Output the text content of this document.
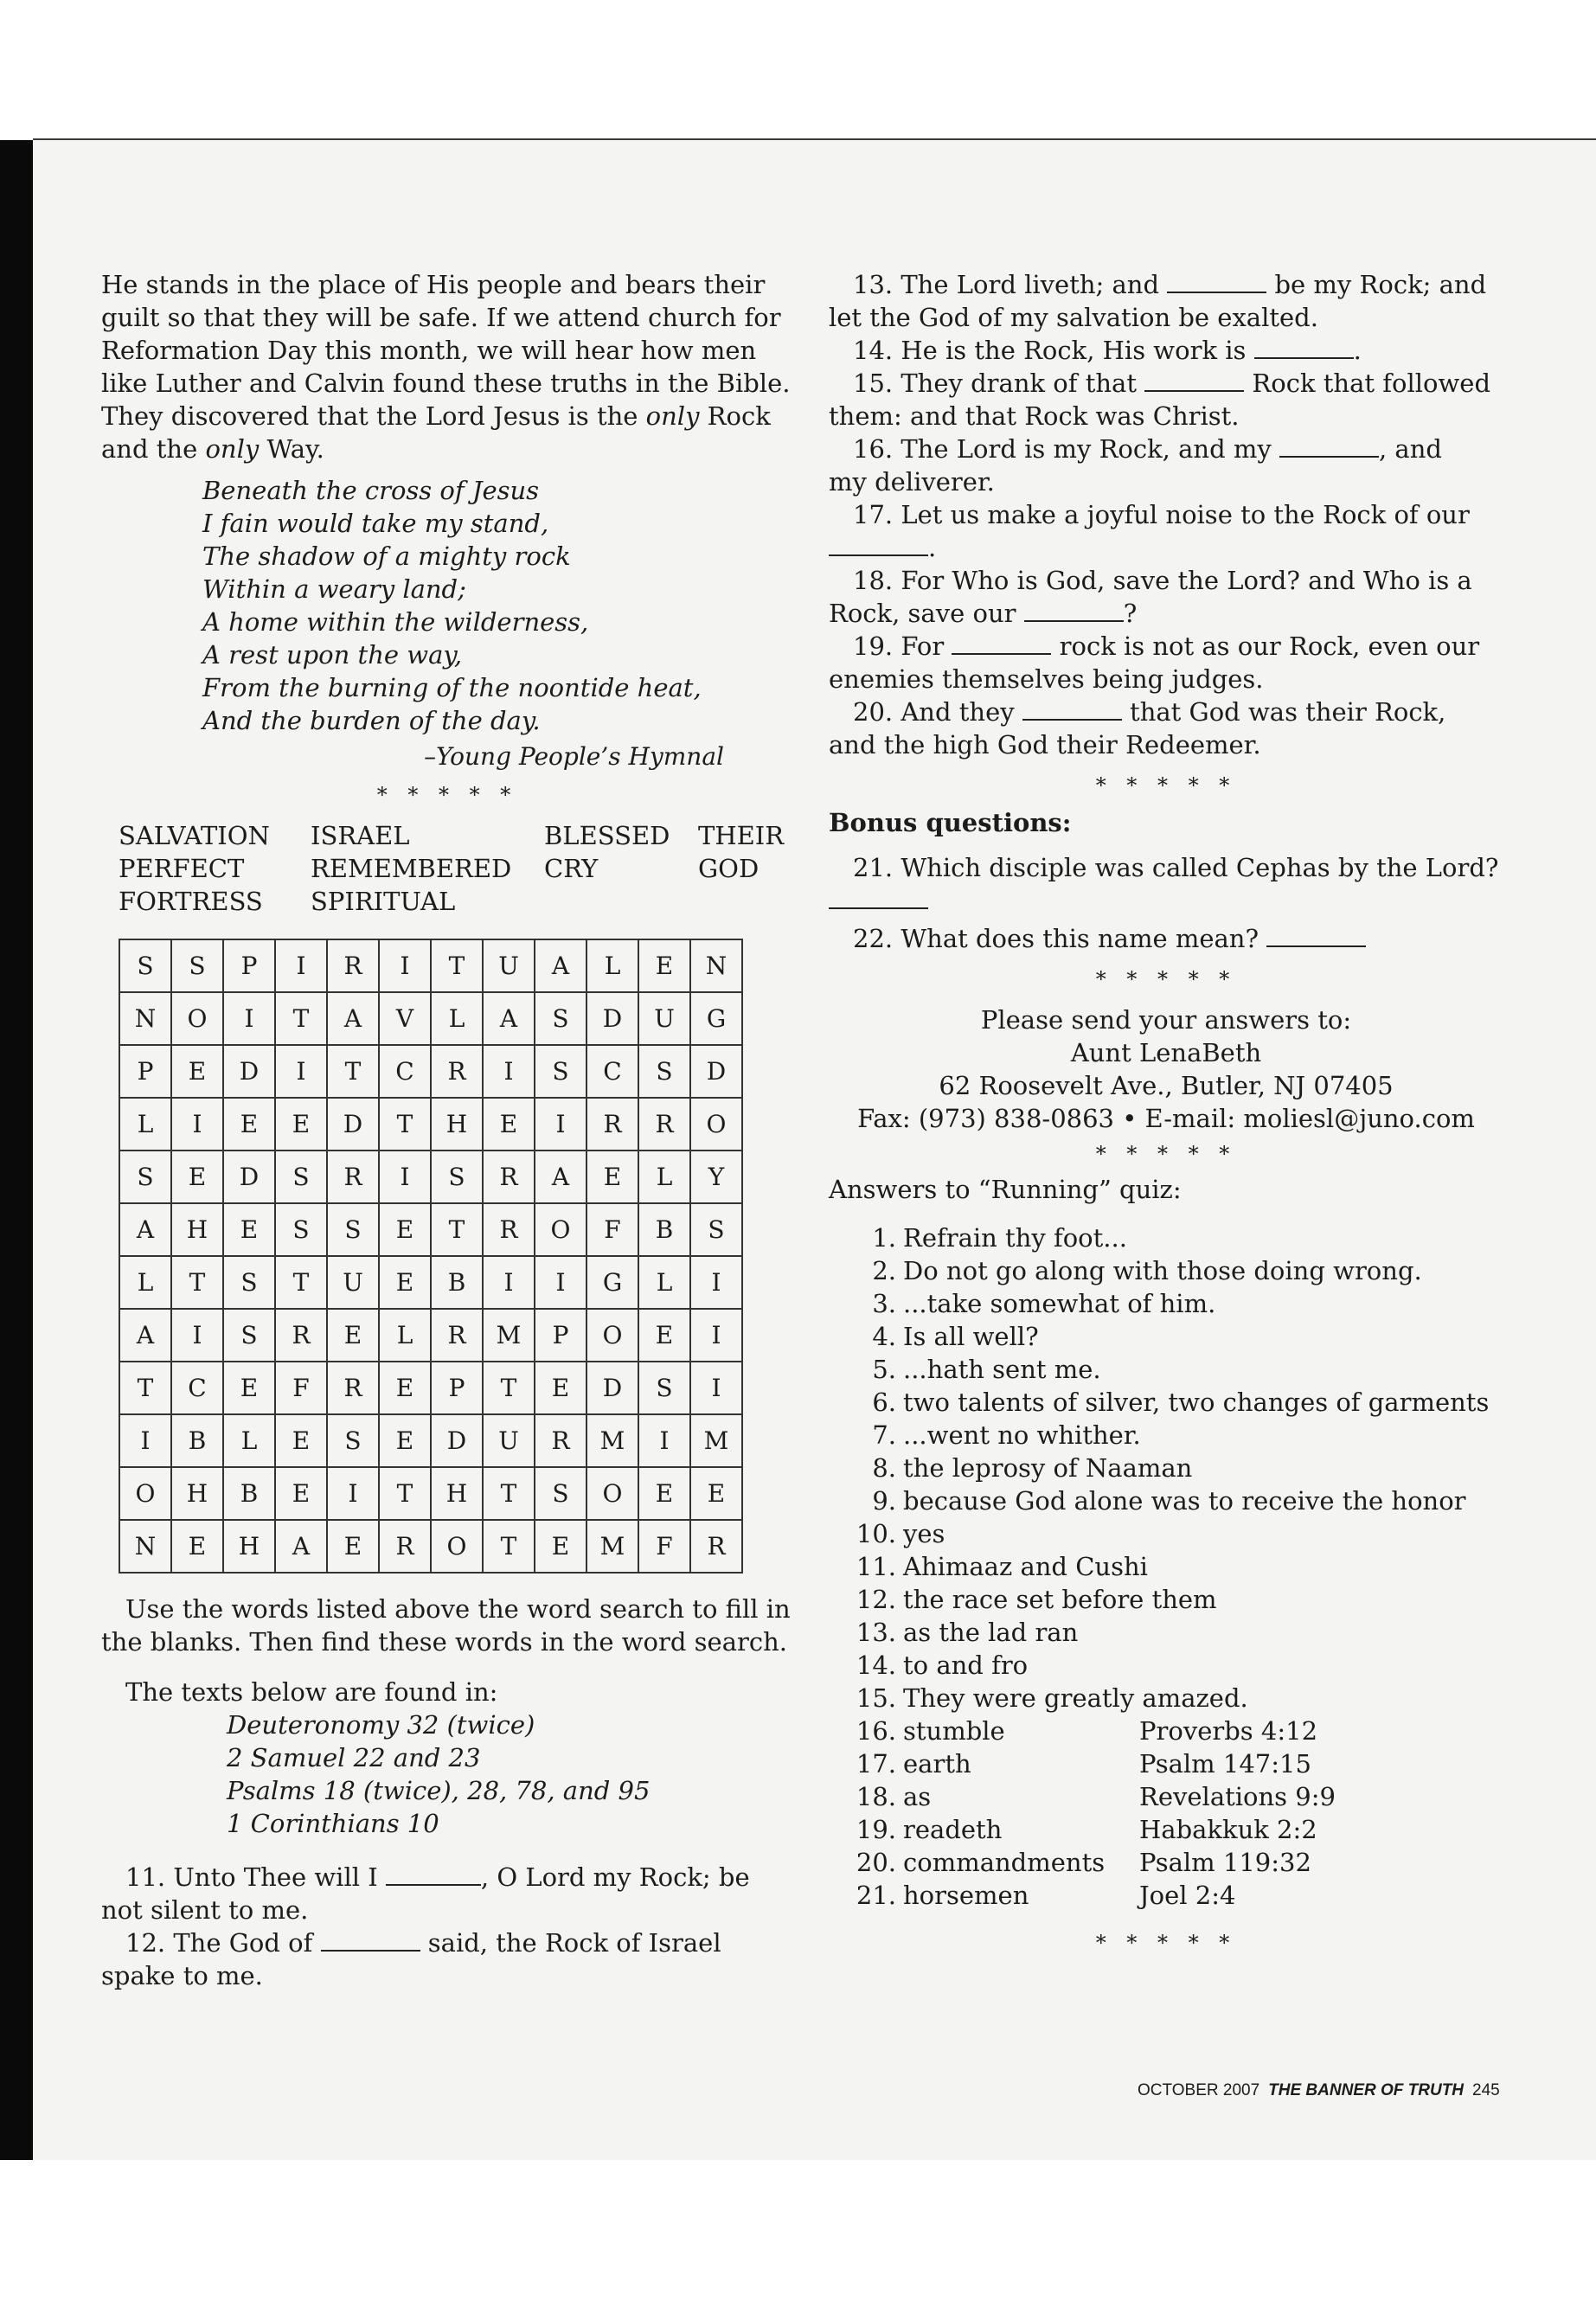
He stands in the place of His people and bears their
guilt so that they will be safe. If we attend church for
Reformation Day this month, we will hear how men
like Luther and Calvin found these truths in the Bible.
They discovered that the Lord Jesus is the only Rock
and the only Way.

Beneath the cross of Jesus
I fain would take my stand,
The shadow of a mighty rock
Within a weary land;
A home within the wilderness,
A rest upon the way,
From the burning of the noontide heat,
And the burden of the day.
–Young People’s Hymnal
* * * * *
SALVATION	ISRAEL	BLESSED	THEIR
PERFECT	REMEMBERED	CRY	GOD
FORTRESS	SPIRITUAL
S	S	P	I	R	I	T	U	A	L	E	N
N	O	I	T	A	V	L	A	S	D	U	G
P	E	D	I	T	C	R	I	S	C	S	D
L	I	E	E	D	T	H	E	I	R	R	O
S	E	D	S	R	I	S	R	A	E	L	Y
A	H	E	S	S	E	T	R	O	F	B	S
L	T	S	T	U	E	B	I	I	G	L	I
A	I	S	R	E	L	R	M	P	O	E	I
T	C	E	F	R	E	P	T	E	D	S	I
I	B	L	E	S	E	D	U	R	M	I	M
O	H	B	E	I	T	H	T	S	O	E	E
N	E	H	A	E	R	O	T	E	M	F	R

Use the words listed above the word search to fill in

the blanks. Then find these words in the word search.

The texts below are found in:
Deuteronomy 32 (twice)
2 Samuel 22 and 23
Psalms 18 (twice), 28, 78, and 95
1 Corinthians 10

11. Unto Thee will I	, O Lord my Rock; be

not silent to me.

12. The God of	said, the Rock of Israel

spake to me.

13. The Lord liveth; and	be my Rock; and

let the God of my salvation be exalted.

14. He is the Rock, His work is	.

15. They drank of that	Rock that followed

them: and that Rock was Christ.

16. The Lord is my Rock, and my	, and

my deliverer.

17. Let us make a joyful noise to the Rock of our

.

18. For Who is God, save the Lord? and Who is a

Rock, save our	?

19. For	rock is not as our Rock, even our

enemies themselves being judges.

20. And they	that God was their Rock,

and the high God their Redeemer.

* * * * *

Bonus questions:

21. Which disciple was called Cephas by the Lord?

22. What does this name mean?

* * * * *
Please send your answers to:
Aunt LenaBeth
62 Roosevelt Ave., Butler, NJ 07405
Fax: (973) 838-0863 • E-mail: moliesl@juno.com
* * * * *

Answers to “Running” quiz:

1. Refrain thy foot...
2. Do not go along with those doing wrong.
3. ...take somewhat of him.
4. Is all well?
5. ...hath sent me.
6. two talents of silver, two changes of garments
7. ...went no whither.
8. the leprosy of Naaman
9. because God alone was to receive the honor
10. yes
11. Ahimaaz and Cushi
12. the race set before them
13. as the lad ran
14. to and fro
15. They were greatly amazed.
16. stumble	Proverbs 4:12
17. earth	Psalm 147:15
18. as	Revelations 9:9
19. readeth	Habakkuk 2:2
20. commandments	Psalm 119:32
21. horsemen	Joel 2:4
* * * * *
OCTOBER 2007 THE BANNER OF TRUTH 245
